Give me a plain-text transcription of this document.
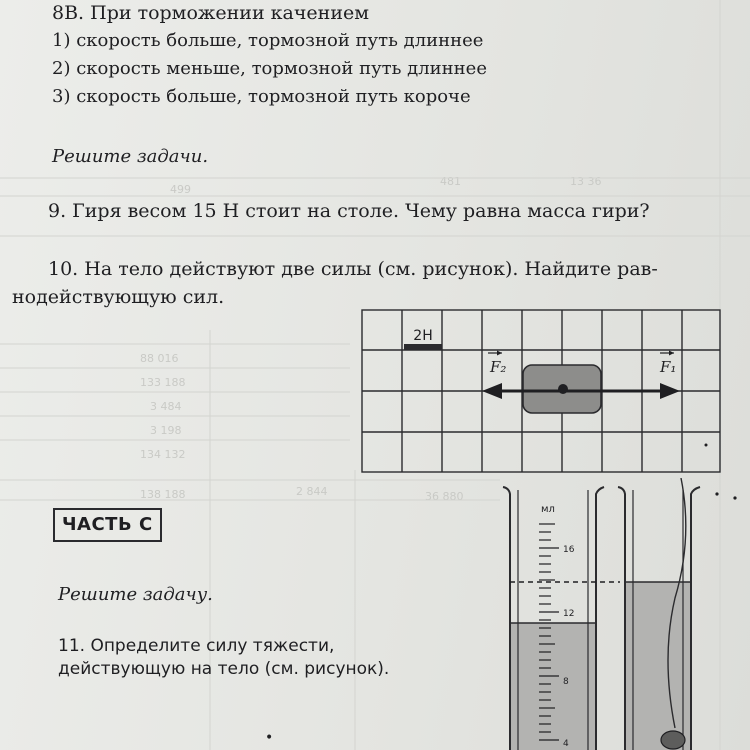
499
481	13 36
88 016
133 188
3 484
3 198
134 132
138 188	2 844	36 880
8В. При торможении качением
1) скорость больше, тормозной путь длиннее
2) скорость меньше, тормозной путь длиннее
3) скорость больше, тормозной путь короче
Решите задачи.
9. Гиря весом 15 Н стоит на столе. Чему равна масса гири?
10. На тело действуют две силы (см. рисунок). Найдите рав-
нодействующую сил.
2Н
F₂	F₁
ЧАСТЬ С
Решите задачу.
11. Определите силу тяжести,
действующую на тело (см. рисунок).
•
мл
16
12
8
4
